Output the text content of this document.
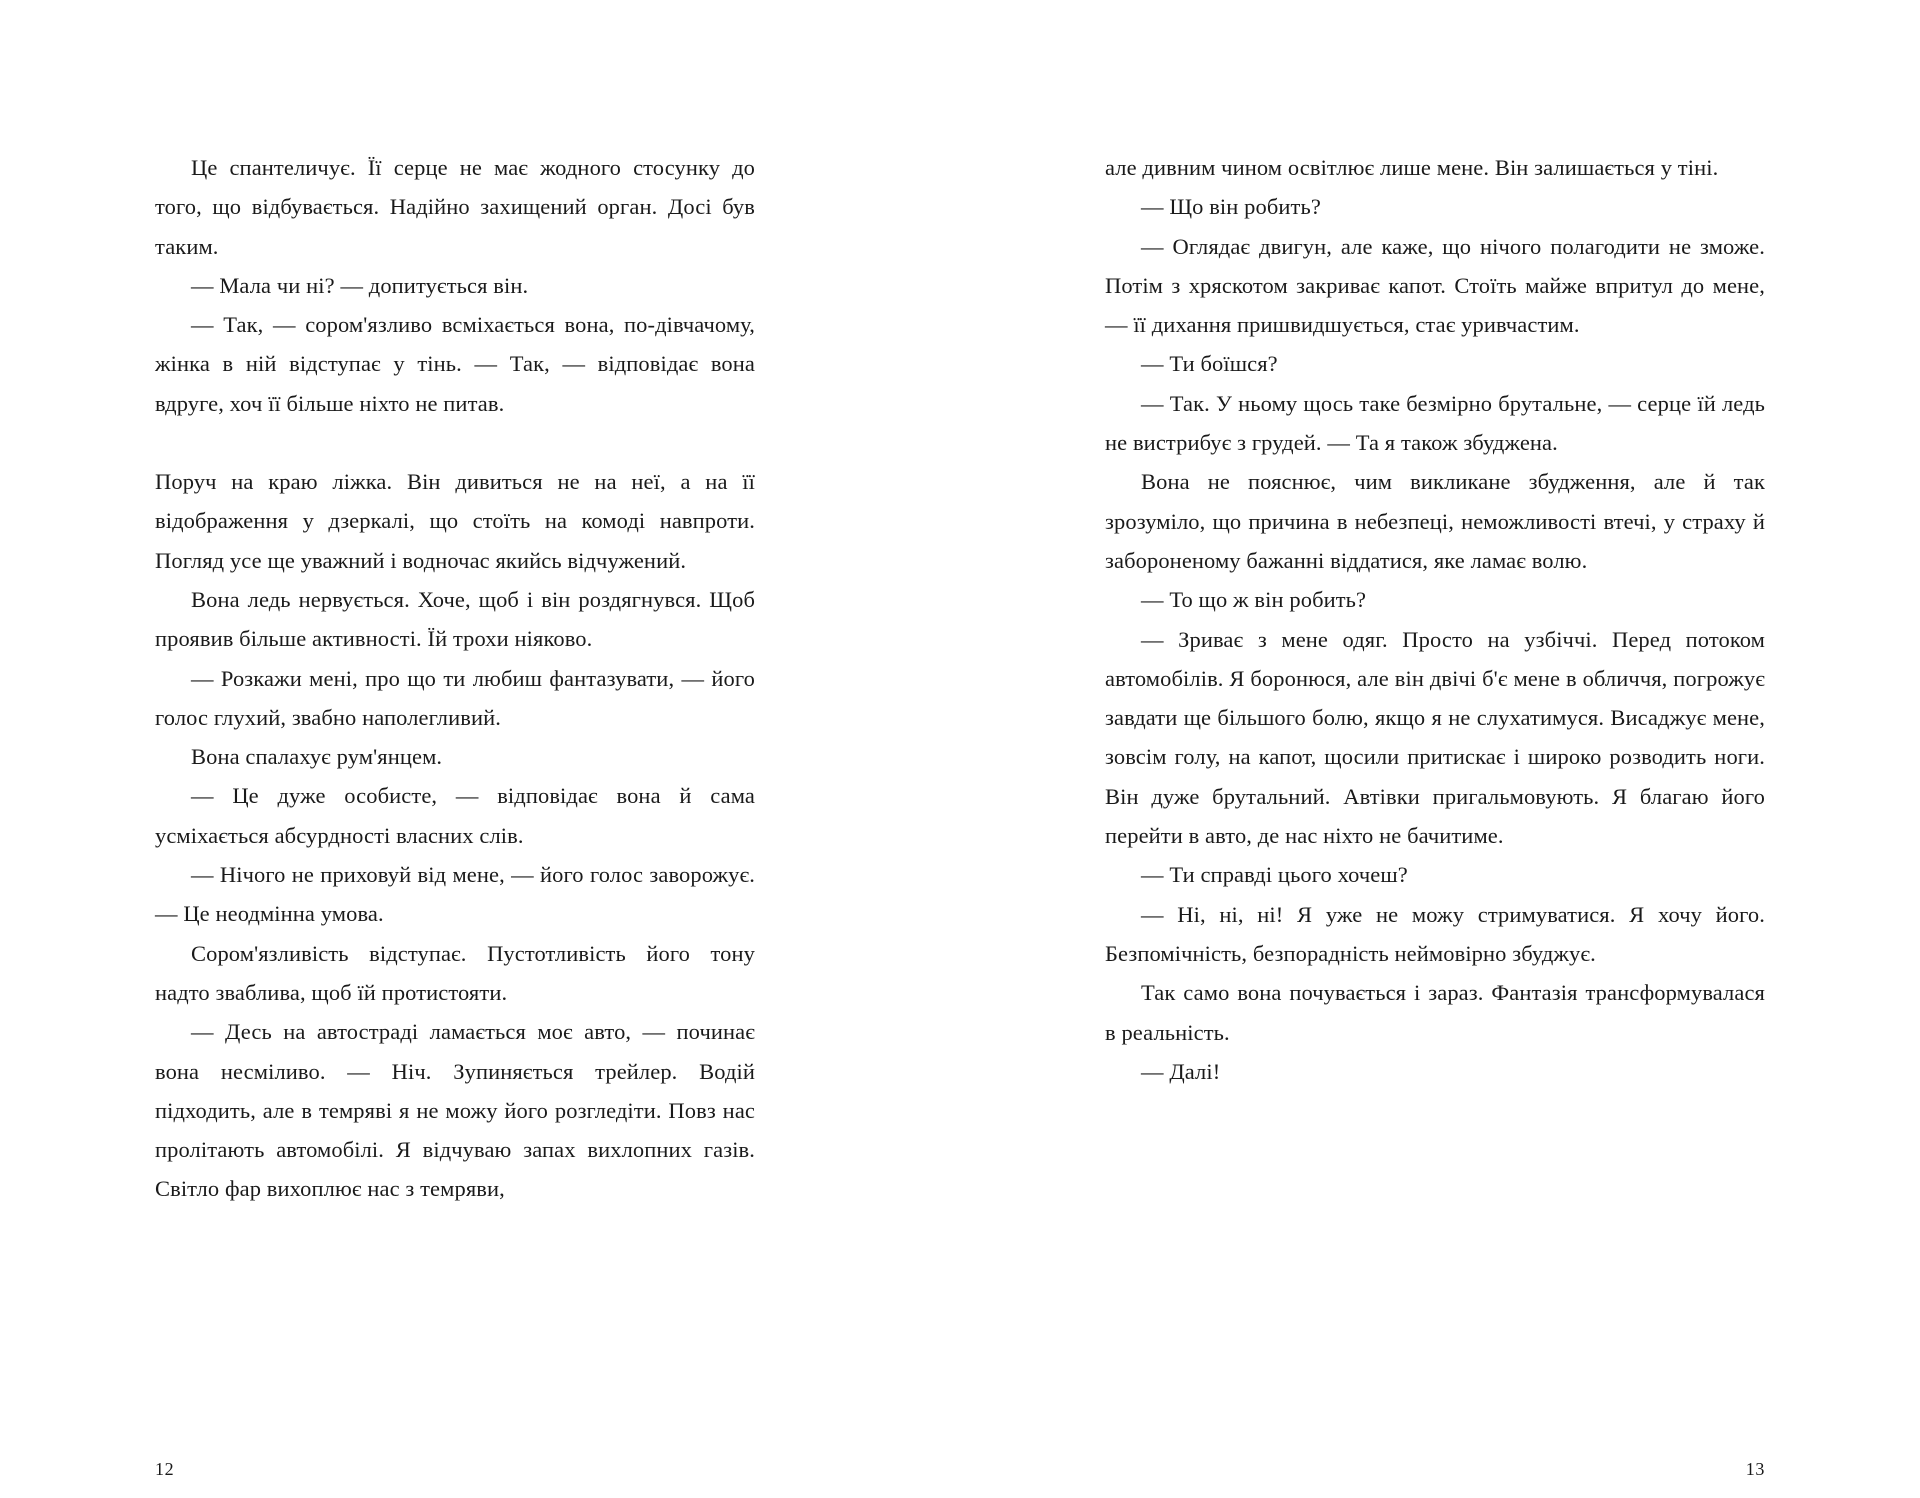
Це спантеличує. Її серце не має жодного стосунку до того, що відбувається. Надійно захищений орган. Досі був таким.

— Мала чи ні? — допитується він.

— Так, — сором'язливо всміхається вона, по-дівчачому, жінка в ній відступає у тінь. — Так, — відповідає вона вдруге, хоч її більше ніхто не питав.

Поруч на краю ліжка. Він дивиться не на неї, а на її відображення у дзеркалі, що стоїть на комоді навпроти. Погляд усе ще уважний і водночас якийсь відчужений.

Вона ледь нервується. Хоче, щоб і він роздягнувся. Щоб проявив більше активності. Їй трохи ніяково.

— Розкажи мені, про що ти любиш фантазувати, — його голос глухий, звабно наполегливий.

Вона спалахує рум'янцем.

— Це дуже особисте, — відповідає вона й сама усміхається абсурдності власних слів.

— Нічого не приховуй від мене, — його голос заворожує. — Це неодмінна умова.

Сором'язливість відступає. Пустотливість його тону надто зваблива, щоб їй протистояти.

— Десь на автостраді ламається моє авто, — починає вона несміливо. — Ніч. Зупиняється трейлер. Водій підходить, але в темряві я не можу його розгледіти. Повз нас пролітають автомобілі. Я відчуваю запах вихлопних газів. Світло фар вихоплює нас з темряви,

12

але дивним чином освітлює лише мене. Він залишається у тіні.

— Що він робить?

— Оглядає двигун, але каже, що нічого полагодити не зможе. Потім з хряскотом закриває капот. Стоїть майже впритул до мене, — її дихання пришвидшується, стає уривчастим.

— Ти боїшся?

— Так. У ньому щось таке безмірно брутальне, — серце їй ледь не вистрибує з грудей. — Та я також збуджена.

Вона не пояснює, чим викликане збудження, але й так зрозуміло, що причина в небезпеці, неможливості втечі, у страху й забороненому бажанні віддатися, яке ламає волю.

— То що ж він робить?

— Зриває з мене одяг. Просто на узбіччі. Перед потоком автомобілів. Я боронюся, але він двічі б'є мене в обличчя, погрожує завдати ще більшого болю, якщо я не слухатимуся. Висаджує мене, зовсім голу, на капот, щосили притискає і широко розводить ноги. Він дуже брутальний. Автівки пригальмовують. Я благаю його перейти в авто, де нас ніхто не бачитиме.

— Ти справді цього хочеш?

— Ні, ні, ні! Я уже не можу стримуватися. Я хочу його. Безпомічність, безпорадність неймовірно збуджує.

Так само вона почувається і зараз. Фантазія трансформувалася в реальність.

— Далі!

13
